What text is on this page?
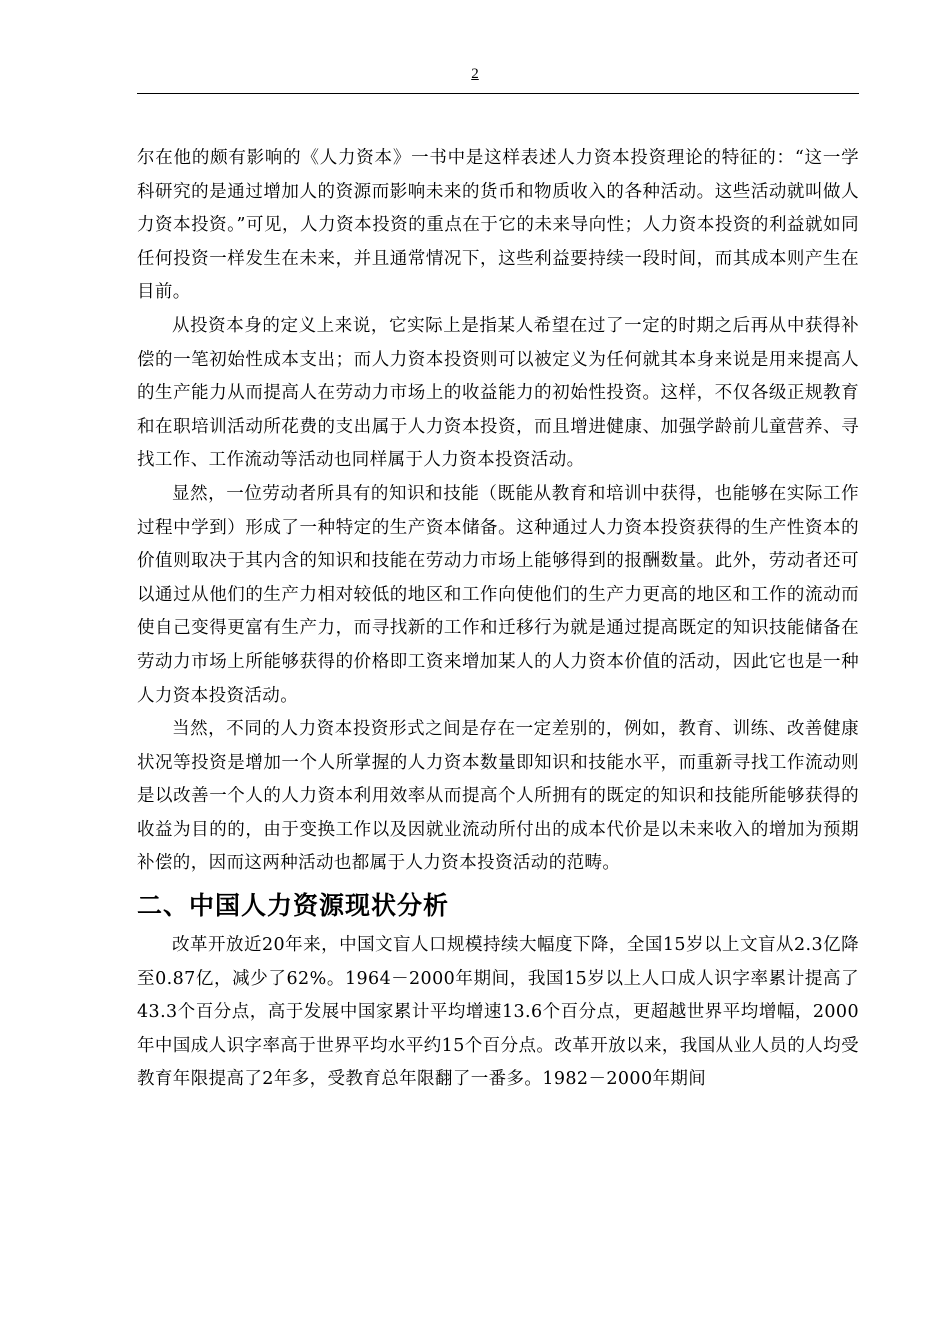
2

尔在他的颇有影响的《人力资本》一书中是这样表述人力资本投资理论的特征的：“这一学科研究的是通过增加人的资源而影响未来的货币和物质收入的各种活动。这些活动就叫做人力资本投资。”可见，人力资本投资的重点在于它的未来导向性；人力资本投资的利益就如同任何投资一样发生在未来，并且通常情况下，这些利益要持续一段时间，而其成本则产生在目前。

从投资本身的定义上来说，它实际上是指某人希望在过了一定的时期之后再从中获得补偿的一笔初始性成本支出；而人力资本投资则可以被定义为任何就其本身来说是用来提高人的生产能力从而提高人在劳动力市场上的收益能力的初始性投资。这样，不仅各级正规教育和在职培训活动所花费的支出属于人力资本投资，而且增进健康、加强学龄前儿童营养、寻找工作、工作流动等活动也同样属于人力资本投资活动。

显然，一位劳动者所具有的知识和技能（既能从教育和培训中获得，也能够在实际工作过程中学到）形成了一种特定的生产资本储备。这种通过人力资本投资获得的生产性资本的价值则取决于其内含的知识和技能在劳动力市场上能够得到的报酬数量。此外，劳动者还可以通过从他们的生产力相对较低的地区和工作向使他们的生产力更高的地区和工作的流动而使自己变得更富有生产力，而寻找新的工作和迁移行为就是通过提高既定的知识技能储备在劳动力市场上所能够获得的价格即工资来增加某人的人力资本价值的活动，因此它也是一种人力资本投资活动。

当然，不同的人力资本投资形式之间是存在一定差别的，例如，教育、训练、改善健康状况等投资是增加一个人所掌握的人力资本数量即知识和技能水平，而重新寻找工作流动则是以改善一个人的人力资本利用效率从而提高个人所拥有的既定的知识和技能所能够获得的收益为目的的，由于变换工作以及因就业流动所付出的成本代价是以未来收入的增加为预期补偿的，因而这两种活动也都属于人力资本投资活动的范畴。

二、中国人力资源现状分析

改革开放近20年来，中国文盲人口规模持续大幅度下降，全国15岁以上文盲从2.3亿降至0.87亿，减少了62%。1964－2000年期间，我国15岁以上人口成人识字率累计提高了43.3个百分点，高于发展中国家累计平均增速13.6个百分点，更超越世界平均增幅，2000年中国成人识字率高于世界平均水平约15个百分点。改革开放以来，我国从业人员的人均受教育年限提高了2年多，受教育总年限翻了一番多。1982－2000年期间
